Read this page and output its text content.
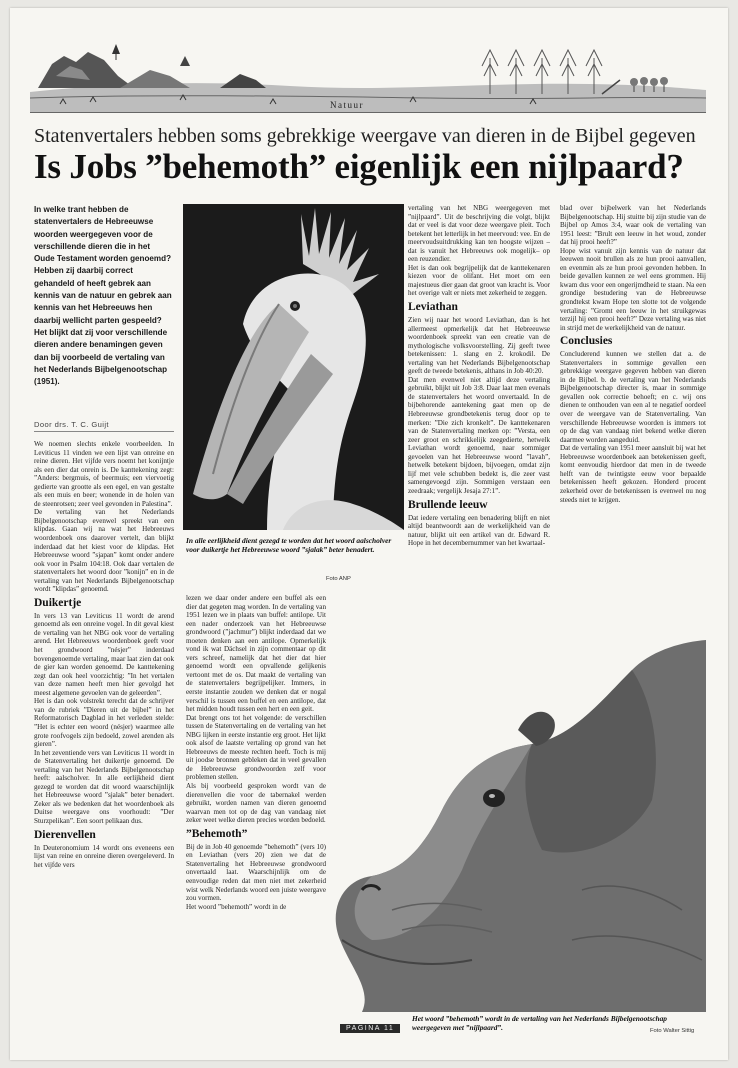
Natuur
Statenvertalers hebben soms gebrekkige weergave van dieren in de Bijbel gegeven
Is Jobs ”behemoth” eigenlijk een nijlpaard?
In welke trant hebben de statenvertalers de Hebreeuwse woorden weergegeven voor de verschillende dieren die in het Oude Testament worden genoemd? Hebben zij daarbij correct gehandeld of heeft gebrek aan kennis van de natuur en gebrek aan kennis van het Hebreeuws hen daarbij wellicht parten gespeeld? Het blijkt dat zij voor verschillende dieren andere benamingen geven dan bij voorbeeld de vertaling van het Nederlands Bijbelgenootschap (1951).
Door drs. T. C. Guijt

We noemen slechts enkele voorbeelden. In Leviticus 11 vinden we een lijst van onreine en reine dieren. Het vijfde vers noemt het konijntje als een dier dat onrein is. De kanttekening zegt: ”Anders: bergmuis, of beermuis; een viervoetig gedierte van grootte als een egel, en van gestalte als een muis en beer; wonende in de holen van de steenrotsen; zeer veel gevonden in Palestina”.

De vertaling van het Nederlands Bijbelgenootschap evenwel spreekt van een klipdas. Gaan wij na wat het Hebreeuws woordenboek ons daarover vertelt, dan blijkt inderdaad dat het kiest voor de klipdas. Het Hebreeuwse woord ”sjapan” komt onder andere ook voor in Psalm 104:18. Ook daar vertalen de statenvertalers het woord door ”konijn” en in de vertaling van het Nederlands Bijbelgenootschap wordt ”klipdas” genoemd.

Duikertje

In vers 13 van Leviticus 11 wordt de arend genoemd als een onreine vogel. In dit geval kiest de vertaling van het NBG ook voor de vertaling arend. Het Hebreeuws woordenboek geeft voor het grondwoord ”nésjer” inderdaad bovengenoemde vertaling, maar laat zien dat ook de gier kan worden genoemd. De kanttekening zegt dan ook heel voorzichtig: ”In het vertalen van deze namen heeft men hier gevolgd het meest algemene gevoelen van de geleerden”.

Het is dan ook volstrekt terecht dat de schrijver van de rubriek ”Dieren uit de bijbel” in het Reformatorisch Dagblad in het verleden stelde: ”Het is echter een woord (nésjer) waarmee alle grote roofvogels zijn bedoeld, zowel arenden als gieren”.

In het zeventiende vers van Leviticus 11 wordt in de Statenvertaling het duikertje genoemd. De vertaling van het Nederlands Bijbelgenootschap heeft: aalscholver. In alle eerlijkheid dient gezegd te worden dat dit woord waarschijnlijk het Hebreeuwse woord ”sjalak” beter benadert. Zeker als we bedenken dat het woordenboek als Duitse weergave ons voorhoudt: ”Der Sturzpelikan”. Een soort pelikaan dus.

Dierenvellen

In Deuteronomium 14 wordt ons eveneens een lijst van reine en onreine dieren overgeleverd. In het vijfde vers

In alle eerlijkheid dient gezegd te worden dat het woord aalscholver voor duikertje het Hebreeuwse woord ”sjalak” beter benadert.
Foto ANP

lezen we daar onder andere een buffel als een dier dat gegeten mag worden. In de vertaling van 1951 lezen we in plaats van buffel: antilope. Uit een nader onderzoek van het Hebreeuwse grondwoord (”jachmur”) blijkt inderdaad dat we moeten denken aan een antilope. Opmerkelijk vond ik wat Dächsel in zijn commentaar op dit vers schreef, namelijk dat het dier dat hier genoemd wordt een opvallende gelijkenis vertoont met de os. Dat maakt de vertaling van de statenvertalers begrijpelijker. Immers, in eerste instantie zouden we denken dat er nogal verschil is tussen een buffel en een antilope, dat het midden houdt tussen een hert en een geit.

Dat brengt ons tot het volgende: de verschillen tussen de Statenvertaling en de vertaling van het NBG lijken in eerste instantie erg groot. Het lijkt ook alsof de laatste vertaling op grond van het Hebreeuws de meeste rechten heeft. Toch is mij uit joodse bronnen gebleken dat in veel gevallen de Hebreeuwse grondwoorden zelf voor problemen stellen.

Als bij voorbeeld gesproken wordt van de dierenvellen die voor de tabernakel werden gebruikt, worden namen van dieren genoemd waarvan men tot op de dag van vandaag niet zeker weet welke dieren precies worden bedoeld.

”Behemoth”

Bij de in Job 40 genoemde ”behemoth” (vers 10) en Leviathan (vers 20) zien we dat de Statenvertaling het Hebreeuwse grondwoord onvertaald laat. Waarschijnlijk om de eenvoudige reden dat men niet met zekerheid wist welk Nederlands woord een juiste weergave zou vormen.

Het woord ”behemoth” wordt in de

vertaling van het NBG weergegeven met ”nijlpaard”. Uit de beschrijving die volgt, blijkt dat er veel is dat voor deze weergave pleit. Toch betekent het letterlijk in het meervoud: vee. En de meervoudsuitdrukking kan ten hoogste wijzen –dat is vanuit het Hebreeuws ook mogelijk– op een reuzendier.

Het is dan ook begrijpelijk dat de kanttekenaren kiezen voor de olifant. Het moet om een majestueus dier gaan dat groot van kracht is. Voor het overige valt er niets met zekerheid te zeggen.

Leviathan

Zien wij naar het woord Leviathan, dan is het allermeest opmerkelijk dat het Hebreeuwse woordenboek spreekt van een creatie van de mythologische volksvoorstelling. Zij geeft twee betekenissen: 1. slang en 2. krokodil. De vertaling van het Nederlands Bijbelgenootschap geeft de tweede betekenis, althans in Job 40:20.

Dat men evenwel niet altijd deze vertaling gebruikt, blijkt uit Job 3:8. Daar laat men evenals de statenvertalers het woord onvertaald. In de bijbehorende aantekening gaat men op de Hebreeuwse grondbetekenis terug door op te merken: ”Die zich kronkelt”. De kanttekenaren van de Statenvertaling merken op: ”Versta, een zeer groot en schrikkelijk zeegedierte, hetwelk Leviathan wordt genoemd, naar sommiger gevoelen van het Hebreeuwse woord ”lavah”, hetwelk betekent bijdoen, bijvoegen, omdat zijn lijf met vele schubben bedekt is, die zeer vast samengevoegd zijn. Sommigen verstaan een zeedraak; vergelijk Jesaja 27:1”.

Brullende leeuw

Dat iedere vertaling een benadering blijft en niet altijd beantwoordt aan de werkelijkheid van de natuur, blijkt uit een artikel van dr. Edward R. Hope in het decembernummer van het kwartaal-

blad over bijbelwerk van het Nederlands Bijbelgenootschap. Hij stuitte bij zijn studie van de Bijbel op Amos 3:4, waar ook de vertaling van 1951 leest: ”Brult een leeuw in het woud, zonder dat hij prooi heeft?”

Hope wist vanuit zijn kennis van de natuur dat leeuwen nooit brullen als ze hun prooi aanvallen, en evenmin als ze hun prooi gevonden hebben. In beide gevallen kunnen ze wel eens grommen. Hij kwam dus voor een ongerijmdheid te staan. Na een grondige bestudering van de Hebreeuwse grondtekst kwam Hope ten slotte tot de volgende vertaling: ”Gromt een leeuw in het struikgewas terzijl hij een prooi heeft?” Deze vertaling was niet in strijd met de werkelijkheid van de natuur.

Conclusies

Concluderend kunnen we stellen dat a. de Statenvertalers in sommige gevallen een gebrekkige weergave gegeven hebben van dieren in de Bijbel. b. de vertaling van het Nederlands Bijbelgenootschap directer is, maar in sommige gevallen ook correctie behoeft; en c. wij ons dienen te onthouden van een al te negatief oordeel over de weergave van de Statenvertaling. Van verschillende Hebreeuwse woorden is immers tot op de dag van vandaag niet bekend welke dieren daarmee worden aangeduid.

Dat de vertaling van 1951 meer aansluit bij wat het Hebreeuwse woordenboek aan betekenissen geeft, komt eenvoudig hierdoor dat men in de tweede helft van de twintigste eeuw voor bepaalde betekenissen heeft gekozen. Honderd procent zekerheid over de betekenissen is evenwel nu nog steeds niet te krijgen.

PAGINA 11
Het woord ”behemoth” wordt in de vertaling van het Nederlands Bijbelgenootschap weergegeven met ”nijlpaard”.	Foto Walter Sittig
